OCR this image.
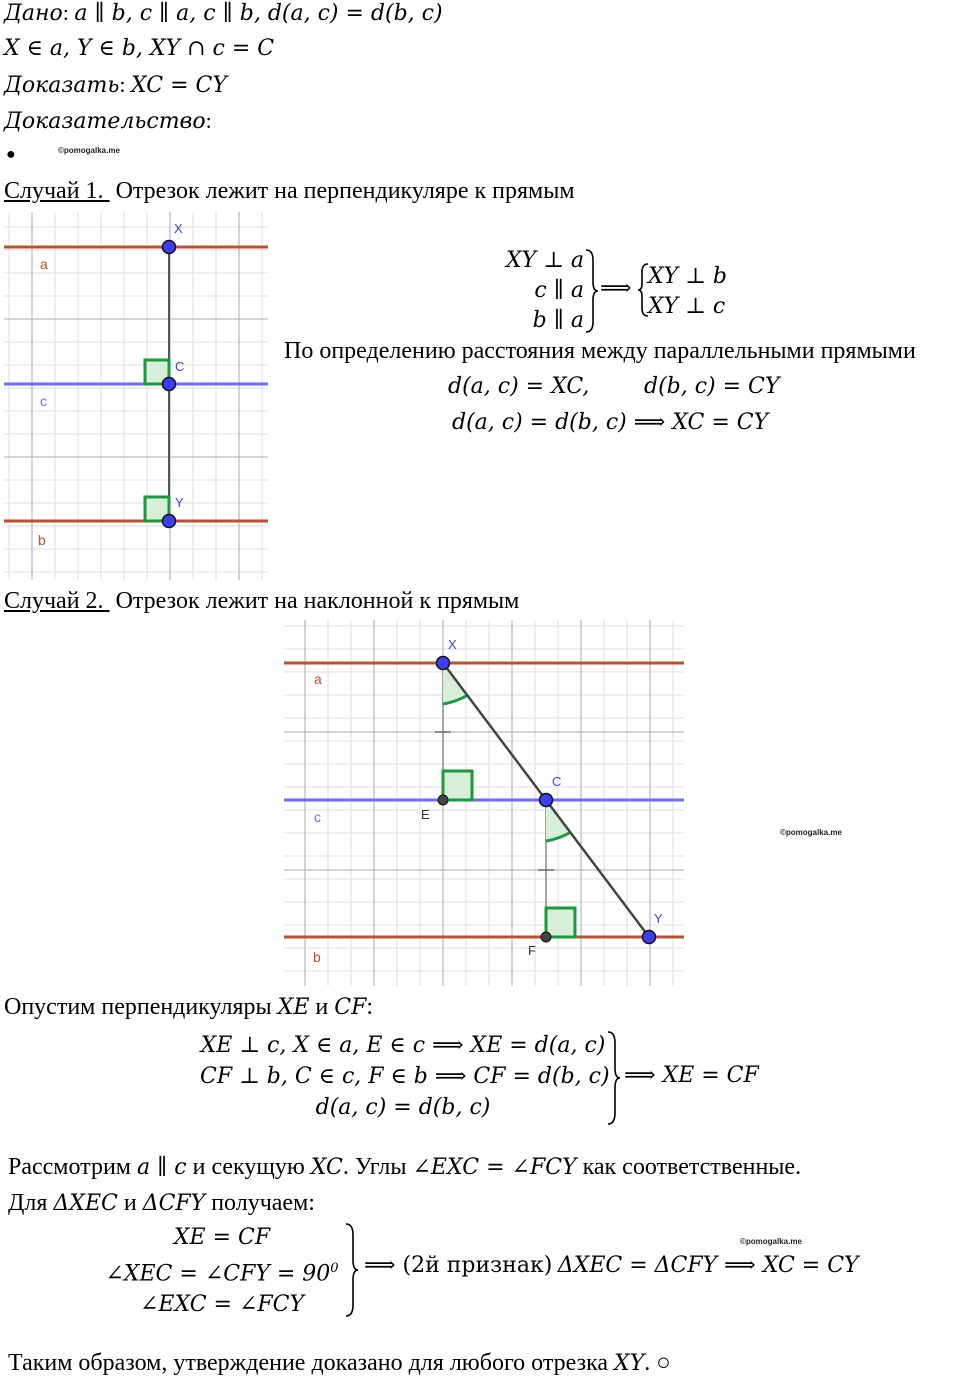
Дано: a ∥ b, c ∥ a, c ∥ b, d(a, c) = d(b, c)
X ∈ a, Y ∈ b, XY ∩ c = C
Доказать: XC = CY
Доказательство:
●	©pomogalka.me
Случай 1. Отрезок лежит на перпендикуляре к прямым
X
C
Y
a
c
b
XY ⊥ a
c ∥ a
b ∥ a
⟹ XY ⊥ b
XY ⊥ c
По определению расстояния между параллельными прямыми
d(a, c) = XC, d(b, c) = CY
d(a, c) = d(b, c) ⟹ XC = CY
Случай 2. Отрезок лежит на наклонной к прямым
X
C
Y
E
F
a
c
b
©pomogalka.me
Опустим перпендикуляры XE и CF:
XE ⊥ c, X ∈ a, E ∈ c ⟹ XE = d(a, c)
CF ⊥ b, C ∈ c, F ∈ b ⟹ CF = d(b, c)
d(a, c) = d(b, c)
⟹ XE = CF
Рассмотрим a ∥ c и секущую XC. Углы ∠EXC = ∠FCY как соответственные.
Для ΔXEC и ΔCFY получаем:
XE = CF
∠XEC = ∠CFY = $90^0$
∠EXC = ∠FCY
⟹ (2й признак) ΔXEC = ΔCFY ⟹ XC = CY
©pomogalka.me
Таким образом, утверждение доказано для любого отрезка XY. ○
